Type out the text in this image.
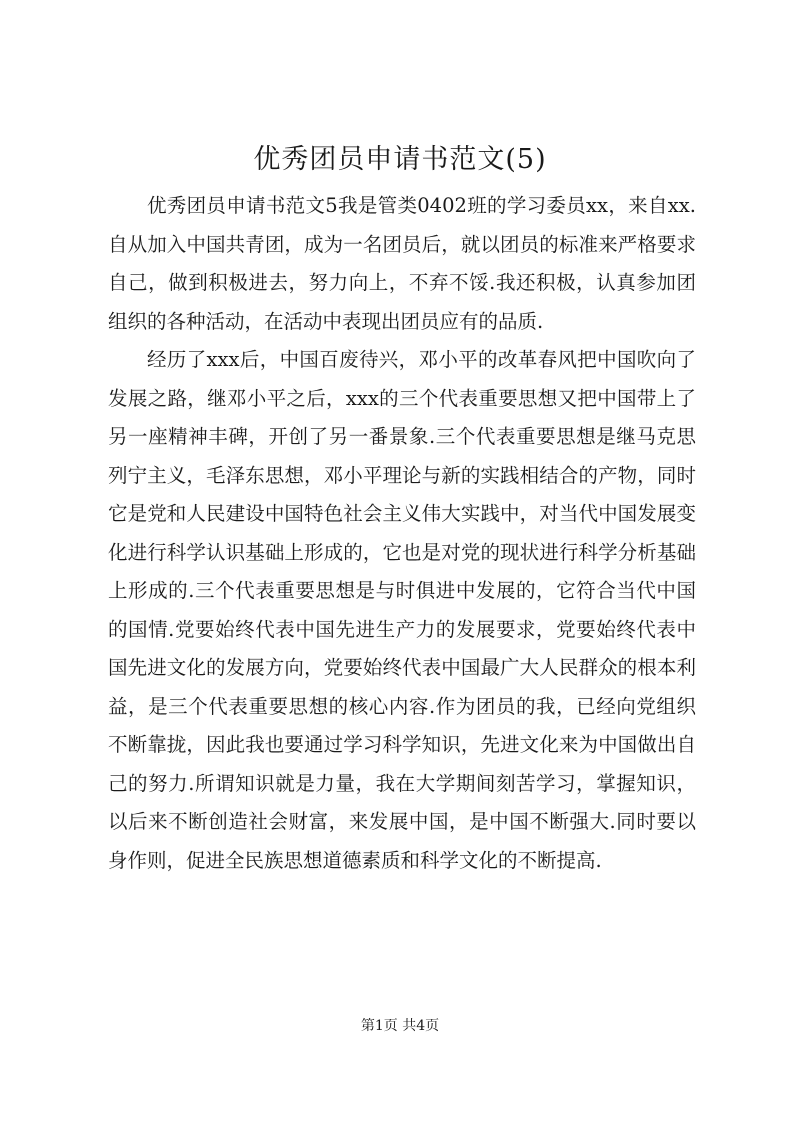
优秀团员申请书范文(5)

优秀团员申请书范文5我是管类0402班的学习委员xx，来自xx.自从加入中国共青团，成为一名团员后，就以团员的标准来严格要求自己，做到积极进去，努力向上，不弃不馁.我还积极，认真参加团组织的各种活动，在活动中表现出团员应有的品质.

经历了xxx后，中国百废待兴，邓小平的改革春风把中国吹向了发展之路，继邓小平之后，xxx的三个代表重要思想又把中国带上了另一座精神丰碑，开创了另一番景象.三个代表重要思想是继马克思列宁主义，毛泽东思想，邓小平理论与新的实践相结合的产物，同时它是党和人民建设中国特色社会主义伟大实践中，对当代中国发展变化进行科学认识基础上形成的，它也是对党的现状进行科学分析基础上形成的.三个代表重要思想是与时俱进中发展的，它符合当代中国的国情.党要始终代表中国先进生产力的发展要求，党要始终代表中国先进文化的发展方向，党要始终代表中国最广大人民群众的根本利益，是三个代表重要思想的核心内容.作为团员的我，已经向党组织不断靠拢，因此我也要通过学习科学知识，先进文化来为中国做出自己的努力.所谓知识就是力量，我在大学期间刻苦学习，掌握知识，以后来不断创造社会财富，来发展中国，是中国不断强大.同时要以身作则，促进全民族思想道德素质和科学文化的不断提高.

第1页 共4页
